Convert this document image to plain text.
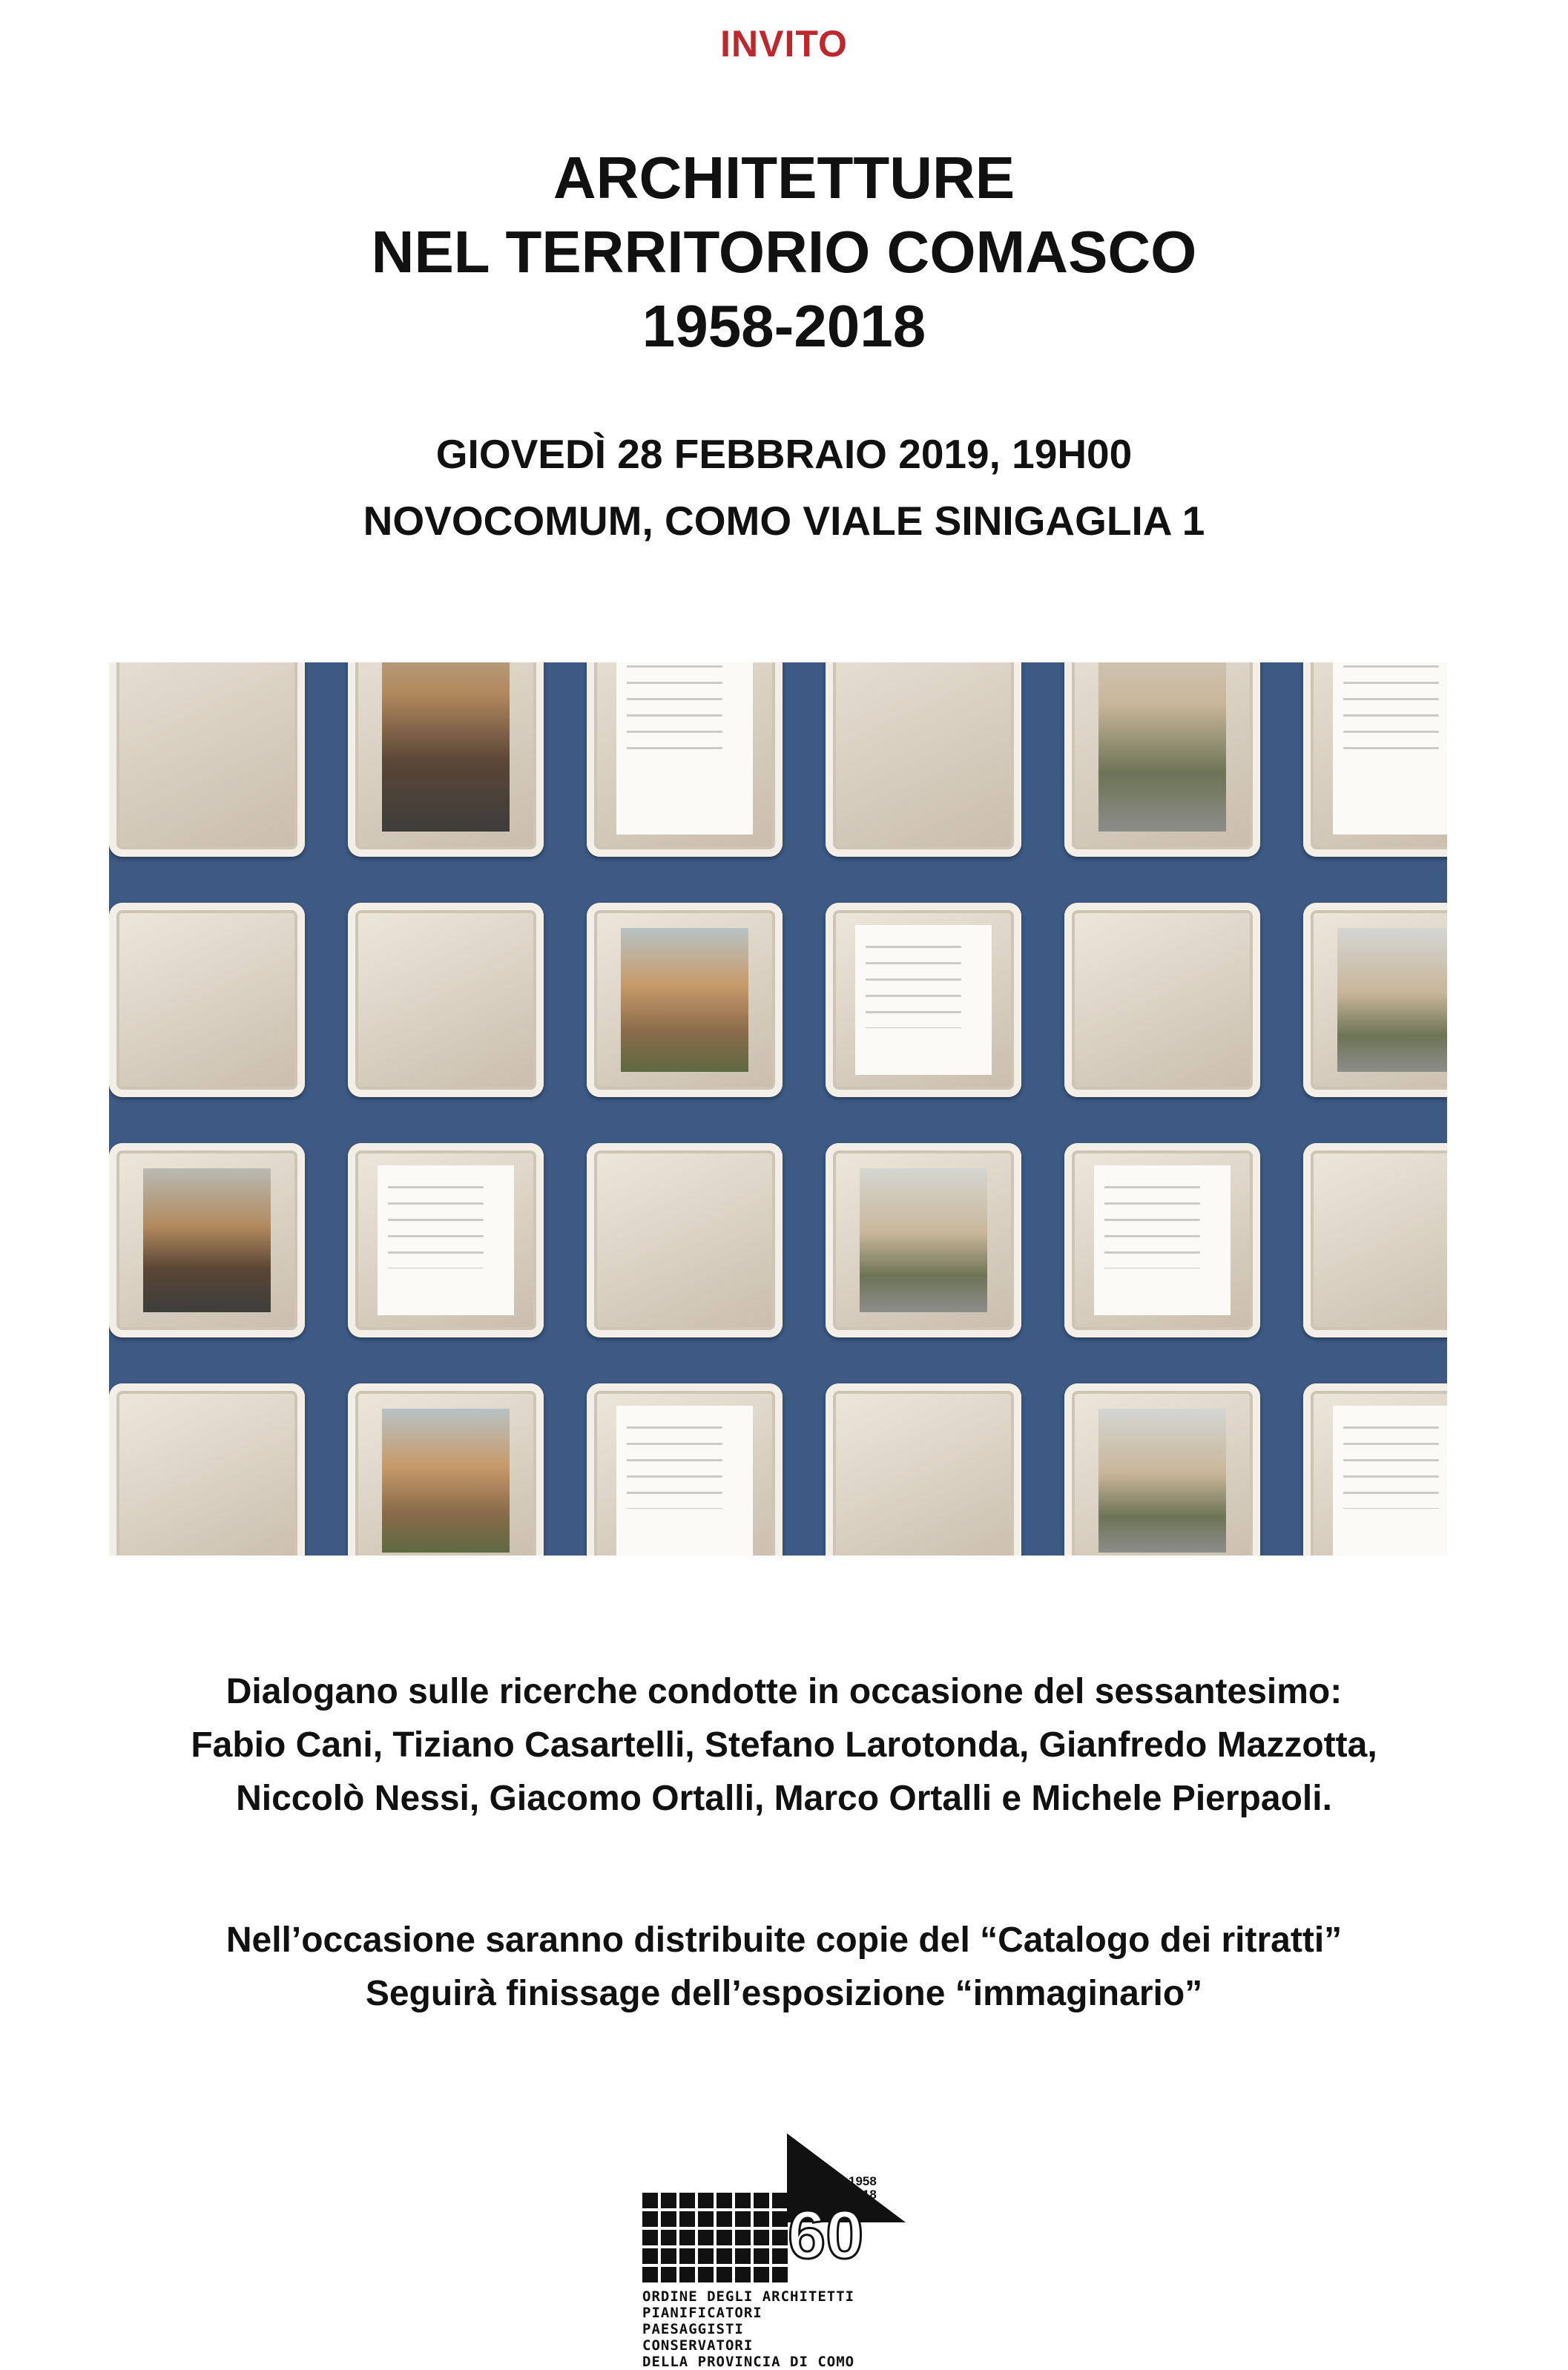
INVITO
ARCHITETTURE
NEL TERRITORIO COMASCO
1958-2018
GIOVEDÌ 28 FEBBRAIO 2019, 19H00
NOVOCOMUM, COMO VIALE SINIGAGLIA 1
Dialogano sulle ricerche condotte in occasione del sessantesimo:
Fabio Cani, Tiziano Casartelli, Stefano Larotonda, Gianfredo Mazzotta,
Niccolò Nessi, Giacomo Ortalli, Marco Ortalli e Michele Pierpaoli.
Nell’occasione saranno distribuite copie del “Catalogo dei ritratti”
Seguirà finissage dell’esposizione “immaginario”
60
1958
2018
ORDINE DEGLI ARCHITETTI
PIANIFICATORI PAESAGGISTI
CONSERVATORI
DELLA PROVINCIA DI COMO
